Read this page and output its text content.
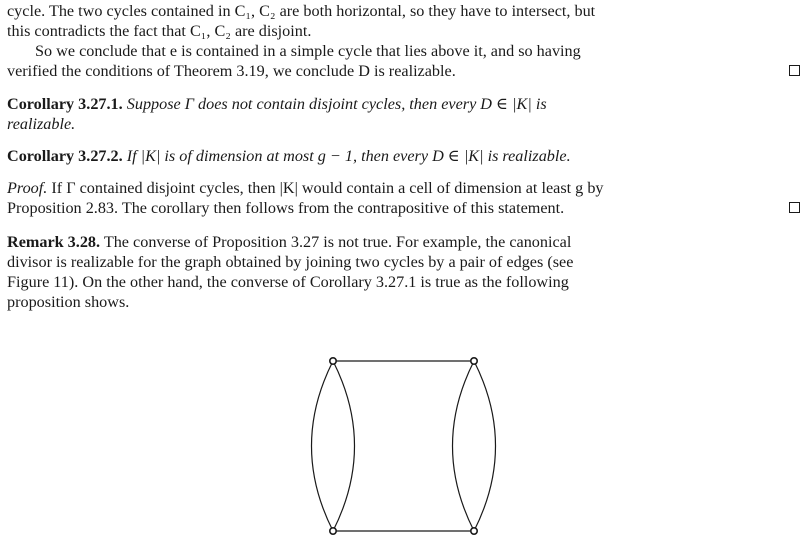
cycle. The two cycles contained in C₁, C₂ are both horizontal, so they have to intersect, but

this contradicts the fact that C₁, C₂ are disjoint.

So we conclude that e is contained in a simple cycle that lies above it, and so having

verified the conditions of Theorem 3.19, we conclude D is realizable.

Corollary 3.27.1. Suppose Γ does not contain disjoint cycles, then every D ∈ |K| is

realizable.

Corollary 3.27.2. If |K| is of dimension at most g − 1, then every D ∈ |K| is realizable.

Proof. If Γ contained disjoint cycles, then |K| would contain a cell of dimension at least g by

Proposition 2.83. The corollary then follows from the contrapositive of this statement.

Remark 3.28. The converse of Proposition 3.27 is not true. For example, the canonical

divisor is realizable for the graph obtained by joining two cycles by a pair of edges (see

Figure 11). On the other hand, the converse of Corollary 3.27.1 is true as the following

proposition shows.
